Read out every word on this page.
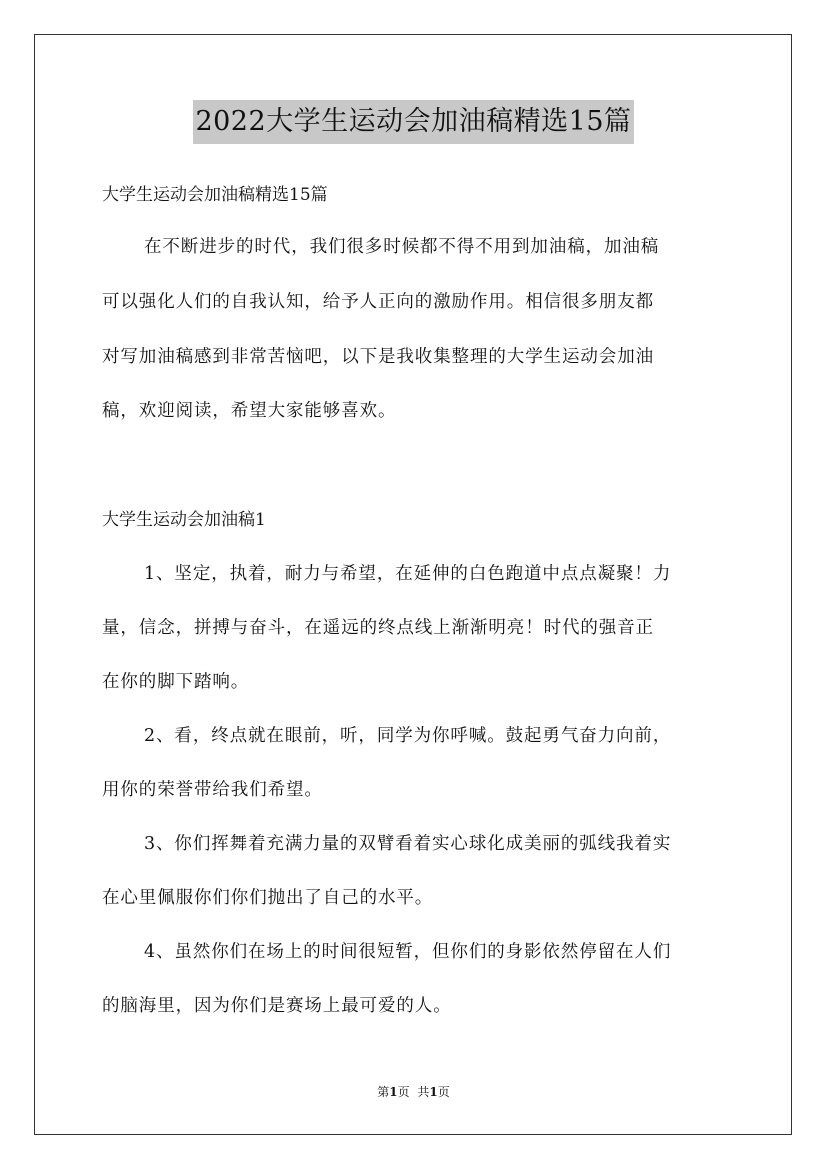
2022大学生运动会加油稿精选15篇
大学生运动会加油稿精选15篇
在不断进步的时代，我们很多时候都不得不用到加油稿，加油稿
可以强化人们的自我认知，给予人正向的激励作用。相信很多朋友都
对写加油稿感到非常苦恼吧，以下是我收集整理的大学生运动会加油
稿，欢迎阅读，希望大家能够喜欢。
大学生运动会加油稿1
1、坚定，执着，耐力与希望，在延伸的白色跑道中点点凝聚！力
量，信念，拼搏与奋斗，在遥远的终点线上渐渐明亮！时代的强音正
在你的脚下踏响。
2、看，终点就在眼前，听，同学为你呼喊。鼓起勇气奋力向前，
用你的荣誉带给我们希望。
3、你们挥舞着充满力量的双臂看着实心球化成美丽的弧线我着实
在心里佩服你们你们抛出了自己的水平。
4、虽然你们在场上的时间很短暂，但你们的身影依然停留在人们
的脑海里，因为你们是赛场上最可爱的人。
第1页 共1页
